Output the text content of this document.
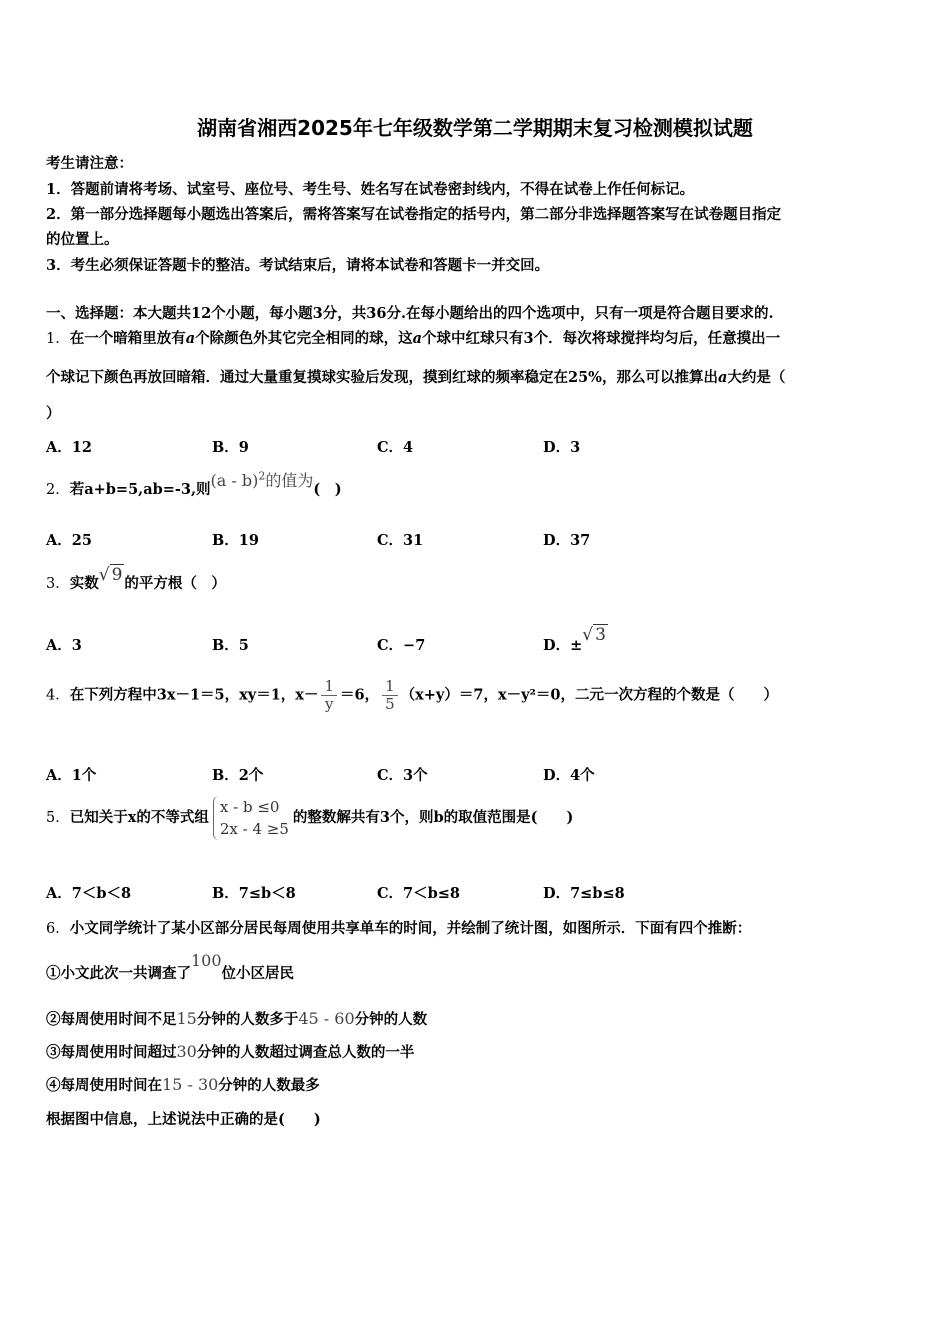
湖南省湘西2025年七年级数学第二学期期末复习检测模拟试题
考生请注意：
1．答题前请将考场、试室号、座位号、考生号、姓名写在试卷密封线内，不得在试卷上作任何标记。
2．第一部分选择题每小题选出答案后，需将答案写在试卷指定的括号内，第二部分非选择题答案写在试卷题目指定
的位置上。
3．考生必须保证答题卡的整洁。考试结束后，请将本试卷和答题卡一并交回。
一、选择题：本大题共12个小题，每小题3分，共36分.在每小题给出的四个选项中，只有一项是符合题目要求的.
1．在一个暗箱里放有a个除颜色外其它完全相同的球，这a个球中红球只有3个．每次将球搅拌均匀后，任意摸出一
个球记下颜色再放回暗箱．通过大量重复摸球实验后发现，摸到红球的频率稳定在25%，那么可以推算出a大约是（
）
A．12	B．9	C．4	D．3
2．若a+b=5,ab=-3,则(a - b)$^2$的值为(　)
A．25	B．19	C．31	D．37
3．实数√ 9 的平方根（　）
A．3	B．5	C．−7	D．±√ 3
4．在下列方程中3x－1＝5，xy＝1，$x- \frac{1}{y} =6$， $\frac{1}{5} (x+y)=7$，x－y²＝0，二元一次方程的个数是（　　）
A．1个	B．2个	C．3个	D．4个
5．已知关于x的不等式组
x - b ≤0
2x - 4 ≥5
的整数解共有3个，则b的取值范围是(　　)
A．7＜b＜8	B．7≤b＜8	C．7＜b≤8	D．7≤b≤8
6．小文同学统计了某小区部分居民每周使用共享单车的时间，并绘制了统计图，如图所示．下面有四个推断：
①小文此次一共调查了100位小区居民
②每周使用时间不足15分钟的人数多于45 - 60分钟的人数
③每周使用时间超过30分钟的人数超过调查总人数的一半
④每周使用时间在15 - 30分钟的人数最多
根据图中信息，上述说法中正确的是(　　)
